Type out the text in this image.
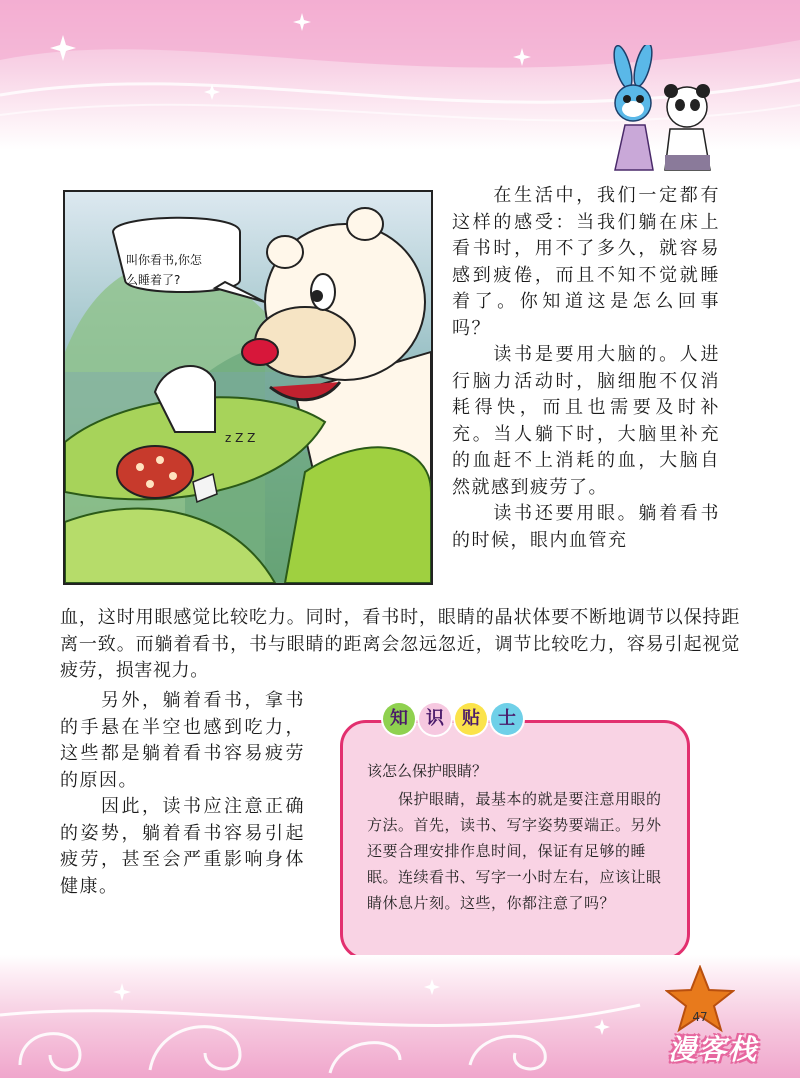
z Z Z
叫你看书,你怎
么睡着了?

　　在生活中，我们一定都有这样的感受：当我们躺在床上看书时，用不了多久，就容易感到疲倦，而且不知不觉就睡着了。你知道这是怎么回事吗？

　　读书是要用大脑的。人进行脑力活动时，脑细胞不仅消耗得快，而且也需要及时补充。当人躺下时，大脑里补充的血赶不上消耗的血，大脑自然就感到疲劳了。

　　读书还要用眼。躺着看书的时候，眼内血管充

血，这时用眼感觉比较吃力。同时，看书时，眼睛的晶状体要不断地调节以保持距离一致。而躺着看书，书与眼睛的距离会忽远忽近，调节比较吃力，容易引起视觉疲劳，损害视力。

　　另外，躺着看书，拿书的手悬在半空也感到吃力，这些都是躺着看书容易疲劳的原因。

　　因此，读书应注意正确的姿势，躺着看书容易引起疲劳，甚至会严重影响身体健康。

知	识	贴	士
该怎么保护眼睛？

　　保护眼睛，最基本的就是要注意用眼的方法。首先，读书、写字姿势要端正。另外还要合理安排作息时间，保证有足够的睡眠。连续看书、写字一小时左右，应该让眼睛休息片刻。这些，你都注意了吗？

47
漫客栈
